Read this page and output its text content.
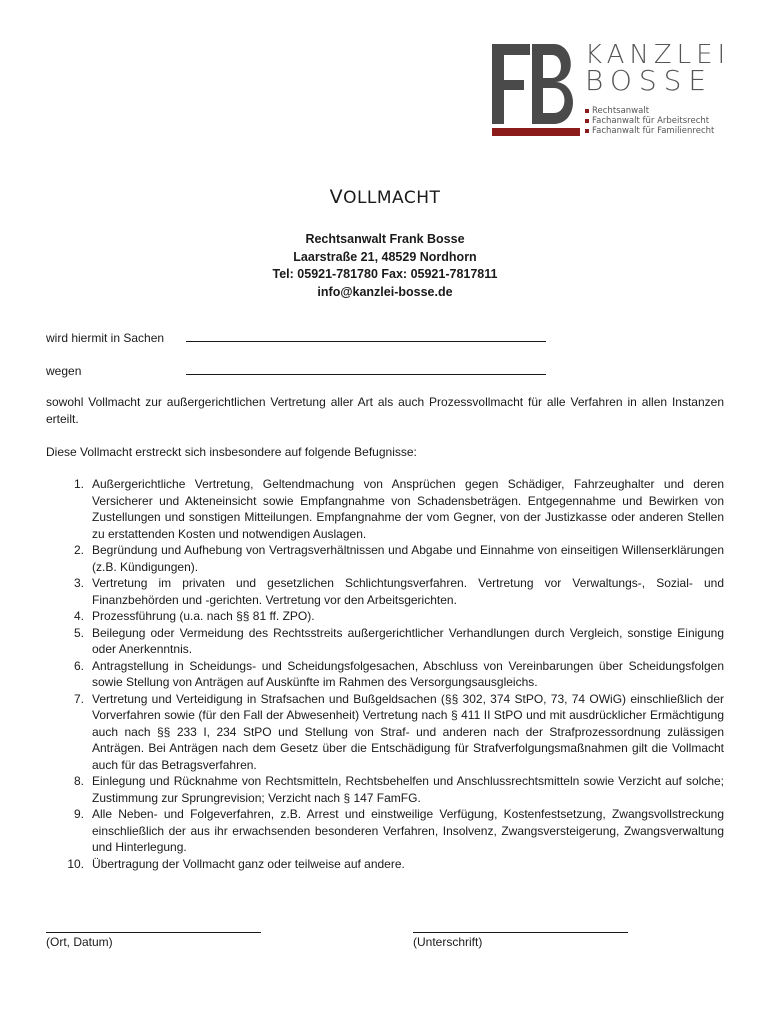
KANZLEI
BOSSE
Rechtsanwalt
Fachanwalt für Arbeitsrecht
Fachanwalt für Familienrecht
VOLLMACHT
Rechtsanwalt Frank Bosse
Laarstraße 21, 48529 Nordhorn
Tel: 05921-781780 Fax: 05921-7817811
info@kanzlei-bosse.de
wird hiermit in Sachen
wegen
sowohl Vollmacht zur außergerichtlichen Vertretung aller Art als auch Prozessvollmacht für alle Verfahren in allen Instanzen erteilt.
Diese Vollmacht erstreckt sich insbesondere auf folgende Befugnisse:
1. Außergerichtliche Vertretung, Geltendmachung von Ansprüchen gegen Schädiger, Fahrzeughalter und deren Versicherer und Akteneinsicht sowie Empfangnahme von Schadensbeträgen. Entgegennahme und Bewirken von Zustellungen und sonstigen Mitteilungen. Empfangnahme der vom Gegner, von der Justizkasse oder anderen Stellen zu erstattenden Kosten und notwendigen Auslagen.
2. Begründung und Aufhebung von Vertragsverhältnissen und Abgabe und Einnahme von einseitigen Willenserklärungen (z.B. Kündigungen).
3. Vertretung im privaten und gesetzlichen Schlichtungsverfahren. Vertretung vor Verwaltungs-, Sozial- und Finanzbehörden und -gerichten. Vertretung vor den Arbeitsgerichten.
4. Prozessführung (u.a. nach §§ 81 ff. ZPO).
5. Beilegung oder Vermeidung des Rechtsstreits außergerichtlicher Verhandlungen durch Vergleich, sonstige Einigung oder Anerkenntnis.
6. Antragstellung in Scheidungs- und Scheidungsfolgesachen, Abschluss von Vereinbarungen über Scheidungsfolgen sowie Stellung von Anträgen auf Auskünfte im Rahmen des Versorgungsausgleichs.
7. Vertretung und Verteidigung in Strafsachen und Bußgeldsachen (§§ 302, 374 StPO, 73, 74 OWiG) einschließlich der Vorverfahren sowie (für den Fall der Abwesenheit) Vertretung nach § 411 II StPO und mit ausdrücklicher Ermächtigung auch nach §§ 233 I, 234 StPO und Stellung von Straf- und anderen nach der Strafprozessordnung zulässigen Anträgen. Bei Anträgen nach dem Gesetz über die Entschädigung für Strafverfolgungsmaßnahmen gilt die Vollmacht auch für das Betragsverfahren.
8. Einlegung und Rücknahme von Rechtsmitteln, Rechtsbehelfen und Anschlussrechtsmitteln sowie Verzicht auf solche; Zustimmung zur Sprungrevision; Verzicht nach § 147 FamFG.
9. Alle Neben- und Folgeverfahren, z.B. Arrest und einstweilige Verfügung, Kostenfestsetzung, Zwangsvollstreckung einschließlich der aus ihr erwachsenden besonderen Verfahren, Insolvenz, Zwangsversteigerung, Zwangsverwaltung und Hinterlegung.
10. Übertragung der Vollmacht ganz oder teilweise auf andere.
(Ort, Datum)	(Unterschrift)
